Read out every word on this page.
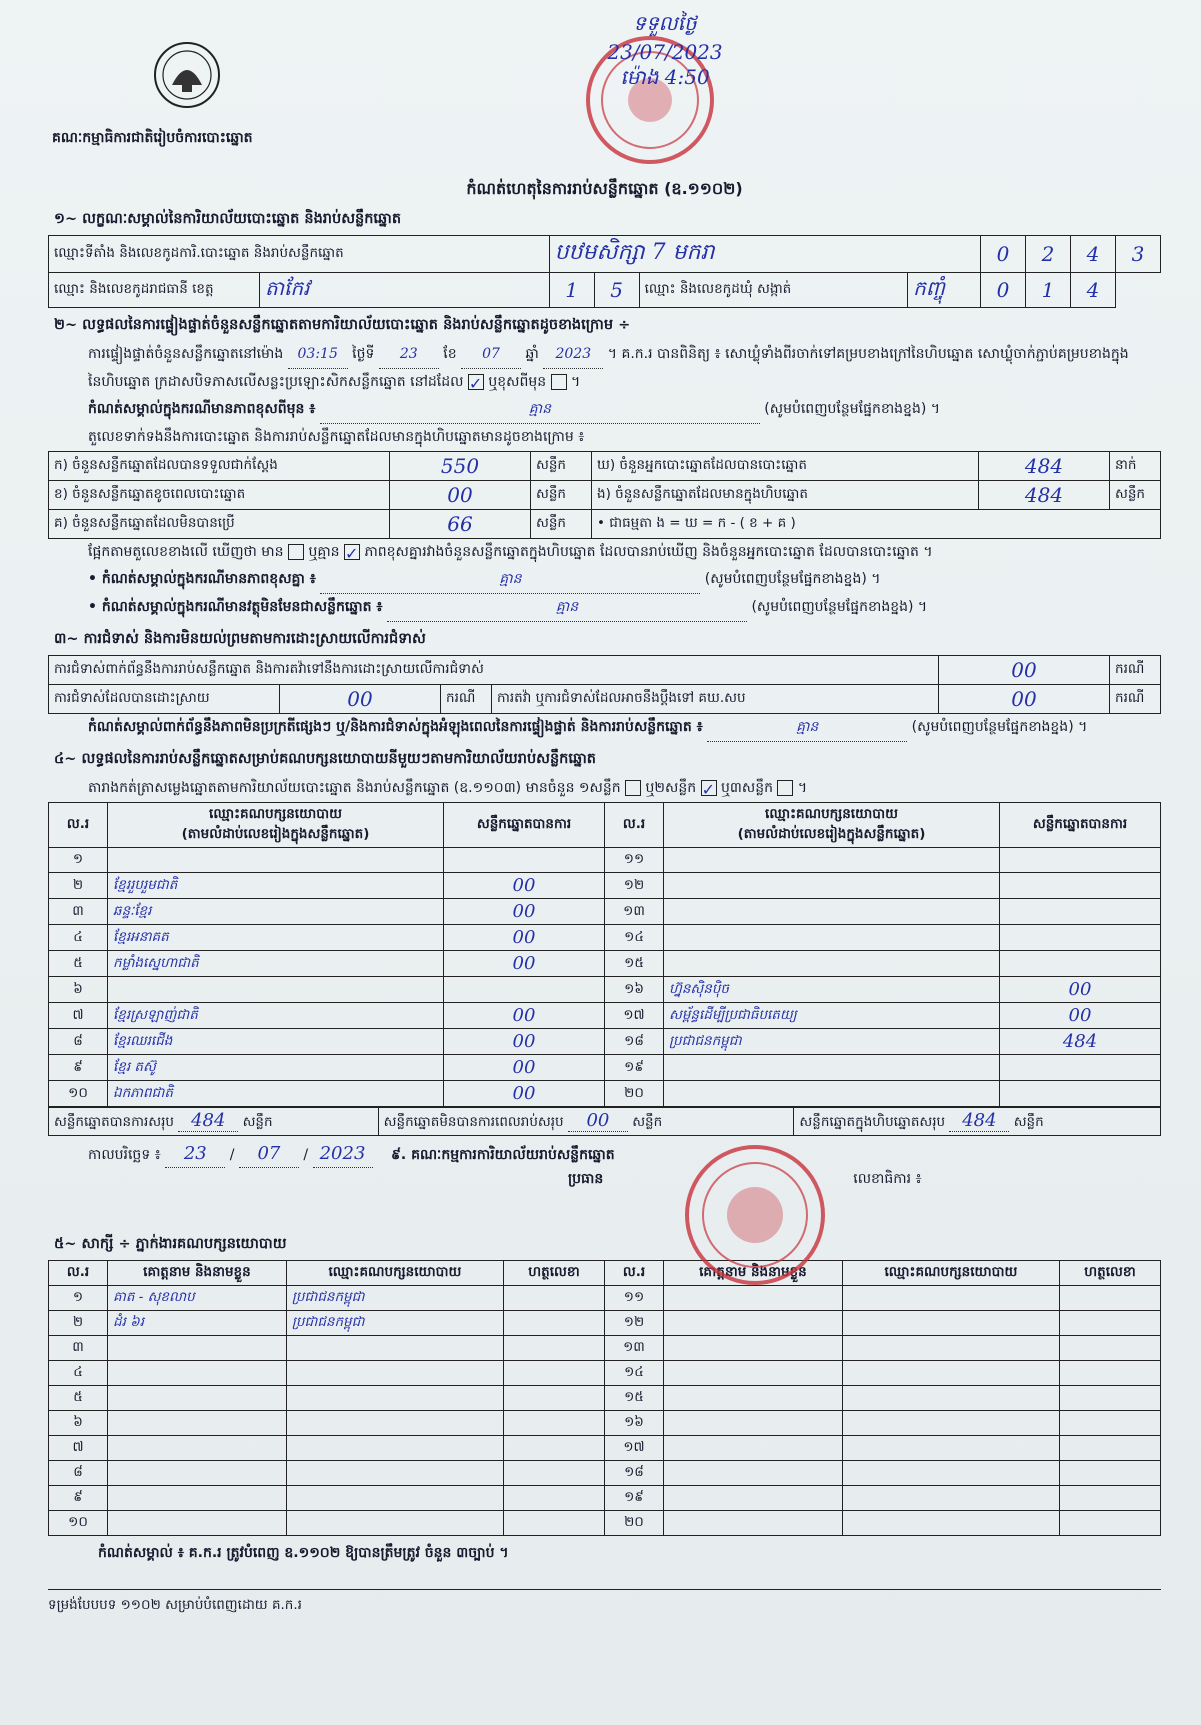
គណៈកម្មាធិការជាតិរៀបចំការបោះឆ្នោត
ទទួលថ្ងៃ
23/07/2023
ម៉ោង 4:50
កំណត់ហេតុនៃការរាប់សន្លឹកឆ្នោត (ឧ.១១០២)
១~ លក្ខណៈសម្គាល់នៃការិយាល័យបោះឆ្នោត និងរាប់សន្លឹកឆ្នោត
ឈ្មោះទីតាំង និងលេខកូដការិ.បោះឆ្នោត និងរាប់សន្លឹកឆ្នោត		បឋមសិក្សា 7 មករា				0	2	4	3
ឈ្មោះ និងលេខកូដរាជធានី ខេត្ត	តាកែវ	1	5	ឈ្មោះ និងលេខកូដឃុំ សង្កាត់	កញ្ចុំ	0	1	4	
២~ លទ្ធផលនៃការផ្ទៀងផ្ទាត់ចំនួនសន្លឹកឆ្នោតតាមការិយាល័យបោះឆ្នោត និងរាប់សន្លឹកឆ្នោតដូចខាងក្រោម ÷
ការផ្ទៀងផ្ទាត់ចំនួនសន្លឹកឆ្នោតនៅម៉ោង 03:15 ថ្ងៃទី 23 ខែ 07 ឆ្នាំ 2023 ។ គ.ក.រ បានពិនិត្យ ៖ សោឃ្លុំទាំងពីរចាក់ទៅគម្របខាងក្រៅនៃហិបឆ្នោត សោឃ្លុំចាក់ភ្ជាប់គម្របខាងក្នុងនៃហិបឆ្នោត ក្រដាសបិទភាសលើសន្លះប្រឡោះសិកសន្លឹកឆ្នោត នៅដដែល ✓ ឬខុសពីមុន ។
កំណត់សម្គាល់ក្នុងករណីមានភាពខុសពីមុន ៖	គ្មាន	(សូមបំពេញបន្ថែមផ្នែកខាងខ្នង) ។
តួលេខទាក់ទងនឹងការបោះឆ្នោត និងការរាប់សន្លឹកឆ្នោតដែលមានក្នុងហិបឆ្នោតមានដូចខាងក្រោម ៖
ក) ចំនួនសន្លឹកឆ្នោតដែលបានទទួលជាក់ស្ដែង	550	សន្លឹក	ឃ) ចំនួនអ្នកបោះឆ្នោតដែលបានបោះឆ្នោត	484	នាក់
ខ) ចំនួនសន្លឹកឆ្នោតខូចពេលបោះឆ្នោត	00	សន្លឹក	ង) ចំនួនសន្លឹកឆ្នោតដែលមានក្នុងហិបឆ្នោត	484	សន្លឹក
គ) ចំនួនសន្លឹកឆ្នោតដែលមិនបានប្រើ	66	សន្លឹក	• ជាធម្មតា ង = ឃ = ក - ( ខ + គ )		
ផ្អែកតាមតួលេខខាងលើ ឃើញថា មាន ឬគ្មាន ✓ ភាពខុសគ្នារវាងចំនួនសន្លឹកឆ្នោតក្នុងហិបឆ្នោត ដែលបានរាប់ឃើញ និងចំនួនអ្នកបោះឆ្នោត ដែលបានបោះឆ្នោត ។
• កំណត់សម្គាល់ក្នុងករណីមានភាពខុសគ្នា ៖	គ្មាន	(សូមបំពេញបន្ថែមផ្នែកខាងខ្នង) ។
• កំណត់សម្គាល់ក្នុងករណីមានវត្ថុមិនមែនជាសន្លឹកឆ្នោត ៖	គ្មាន	(សូមបំពេញបន្ថែមផ្នែកខាងខ្នង) ។
៣~ ការជំទាស់ និងការមិនយល់ព្រមតាមការដោះស្រាយលើការជំទាស់
ការជំទាស់ពាក់ព័ន្ធនឹងការរាប់សន្លឹកឆ្នោត និងការតវ៉ាទៅនឹងការដោះស្រាយលើការជំទាស់				00	ករណី
ការជំទាស់ដែលបានដោះស្រាយ	00	ករណី	ការតវ៉ា ឬការជំទាស់ដែលអាចនឹងប្ដឹងទៅ គឃ.សប	00	ករណី
កំណត់សម្គាល់ពាក់ព័ន្ធនឹងភាពមិនប្រក្រតីផ្សេងៗ ឬ/និងការជំទាស់ក្នុងអំឡុងពេលនៃការផ្ទៀងផ្ទាត់ និងការរាប់សន្លឹកឆ្នោត ៖	គ្មាន	(សូមបំពេញបន្ថែមផ្នែកខាងខ្នង) ។
៤~ លទ្ធផលនៃការរាប់សន្លឹកឆ្នោតសម្រាប់គណបក្សនយោបាយនីមួយៗតាមការិយាល័យរាប់សន្លឹកឆ្នោត
តារាងកត់ត្រាសម្លេងឆ្នោតតាមការិយាល័យបោះឆ្នោត និងរាប់សន្លឹកឆ្នោត (ឧ.១១០៣) មានចំនួន ១សន្លឹក ឬ២សន្លឹក ✓ ឬ៣សន្លឹក ។
ល.រ	ឈ្មោះគណបក្សនយោបាយ
(តាមលំដាប់លេខរៀងក្នុងសន្លឹកឆ្នោត)	សន្លឹកឆ្នោតបានការ	ល.រ	ឈ្មោះគណបក្សនយោបាយ
(តាមលំដាប់លេខរៀងក្នុងសន្លឹកឆ្នោត)	សន្លឹកឆ្នោតបានការ
១			១១		
២	ខ្មែររួបរួមជាតិ	00	១២		
៣	ឆន្ទៈខ្មែរ	00	១៣		
៤	ខ្មែរអនាគត	00	១៤		
៥	កម្លាំងស្នេហាជាតិ	00	១៥		
៦			១៦	ហ្វ៊ុនស៊ិនប៉ិច	00
៧	ខ្មែរស្រឡាញ់ជាតិ	00	១៧	សម្ព័ន្ធដើម្បីប្រជាធិបតេយ្យ	00
៨	ខ្មែរឈរជើង	00	១៨	ប្រជាជនកម្ពុជា	484
៩	ខ្មែរ តស៊ូ	00	១៩		
១០	ឯកភាពជាតិ	00	២០		
សន្លឹកឆ្នោតបានការសរុប 484 សន្លឹក	សន្លឹកឆ្នោតមិនបានការពេលរាប់សរុប 00 សន្លឹក	សន្លឹកឆ្នោតក្នុងហិបឆ្នោតសរុប 484 សន្លឹក
កាលបរិច្ឆេទ ៖ 23 / 07 / 2023 ៩. គណៈកម្មការការិយាល័យរាប់សន្លឹកឆ្នោត
ប្រធាន	លេខាធិការ ៖
៥~ សាក្សី ÷ ភ្នាក់ងារគណបក្សនយោបាយ
ល.រ	គោត្តនាម និងនាមខ្លួន	ឈ្មោះគណបក្សនយោបាយ	ហត្ថលេខា	ល.រ	គោត្តនាម និងនាមខ្លួន	ឈ្មោះគណបក្សនយោបាយ	ហត្ថលេខា
១	គាត - សុខលាប	ប្រជាជនកម្ពុជា		១១			
២	ដំរ ៦រ	ប្រជាជនកម្ពុជា		១២			
៣				១៣			
៤				១៤			
៥				១៥			
៦				១៦			
៧				១៧			
៨				១៨			
៩				១៩			
១០				២០			
កំណត់សម្គាល់ ៖ គ.ក.រ ត្រូវបំពេញ ឧ.១១០២ ឱ្យបានត្រឹមត្រូវ ចំនួន ៣ច្បាប់ ។
ទម្រង់បែបបទ ១១០២ សម្រាប់បំពេញដោយ គ.ក.រ
